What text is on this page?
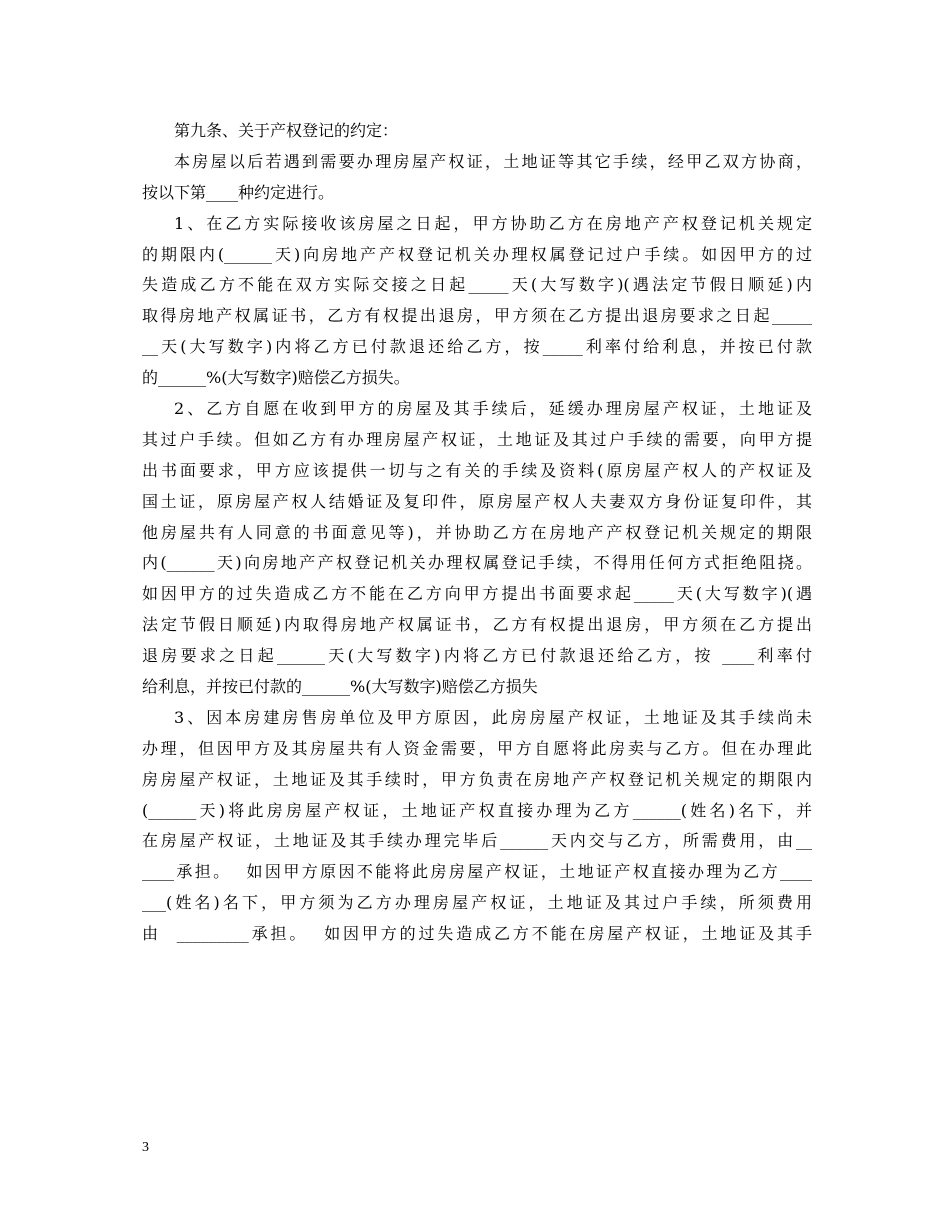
第九条、关于产权登记的约定：
本房屋以后若遇到需要办理房屋产权证，土地证等其它手续，经甲乙双方协商，
按以下第____种约定进行。
1、在乙方实际接收该房屋之日起，甲方协助乙方在房地产产权登记机关规定
的期限内(______天)向房地产产权登记机关办理权属登记过户手续。如因甲方的过
失造成乙方不能在双方实际交接之日起_____天(大写数字)(遇法定节假日顺延)内
取得房地产权属证书，乙方有权提出退房，甲方须在乙方提出退房要求之日起_____
__天(大写数字)内将乙方已付款退还给乙方，按_____利率付给利息，并按已付款
的______%(大写数字)赔偿乙方损失。
2、乙方自愿在收到甲方的房屋及其手续后，延缓办理房屋产权证，土地证及
其过户手续。但如乙方有办理房屋产权证，土地证及其过户手续的需要，向甲方提
出书面要求，甲方应该提供一切与之有关的手续及资料(原房屋产权人的产权证及
国土证，原房屋产权人结婚证及复印件，原房屋产权人夫妻双方身份证复印件，其
他房屋共有人同意的书面意见等)，并协助乙方在房地产产权登记机关规定的期限
内(______天)向房地产产权登记机关办理权属登记手续，不得用任何方式拒绝阻挠。
如因甲方的过失造成乙方不能在乙方向甲方提出书面要求起_____天(大写数字)(遇
法定节假日顺延)内取得房地产权属证书，乙方有权提出退房，甲方须在乙方提出
退房要求之日起______天(大写数字)内将乙方已付款退还给乙方，按 ____利率付
给利息，并按已付款的______%(大写数字)赔偿乙方损失
3、因本房建房售房单位及甲方原因，此房房屋产权证，土地证及其手续尚未
办理，但因甲方及其房屋共有人资金需要，甲方自愿将此房卖与乙方。但在办理此
房房屋产权证，土地证及其手续时，甲方负责在房地产产权登记机关规定的期限内
(______天)将此房房屋产权证，土地证产权直接办理为乙方______(姓名)名下，并
在房屋产权证，土地证及其手续办理完毕后______天内交与乙方，所需费用，由__
____承担。  如因甲方原因不能将此房房屋产权证，土地证产权直接办理为乙方____
___(姓名)名下，甲方须为乙方办理房屋产权证，土地证及其过户手续，所须费用
由  _________承担。  如因甲方的过失造成乙方不能在房屋产权证，土地证及其手
3
